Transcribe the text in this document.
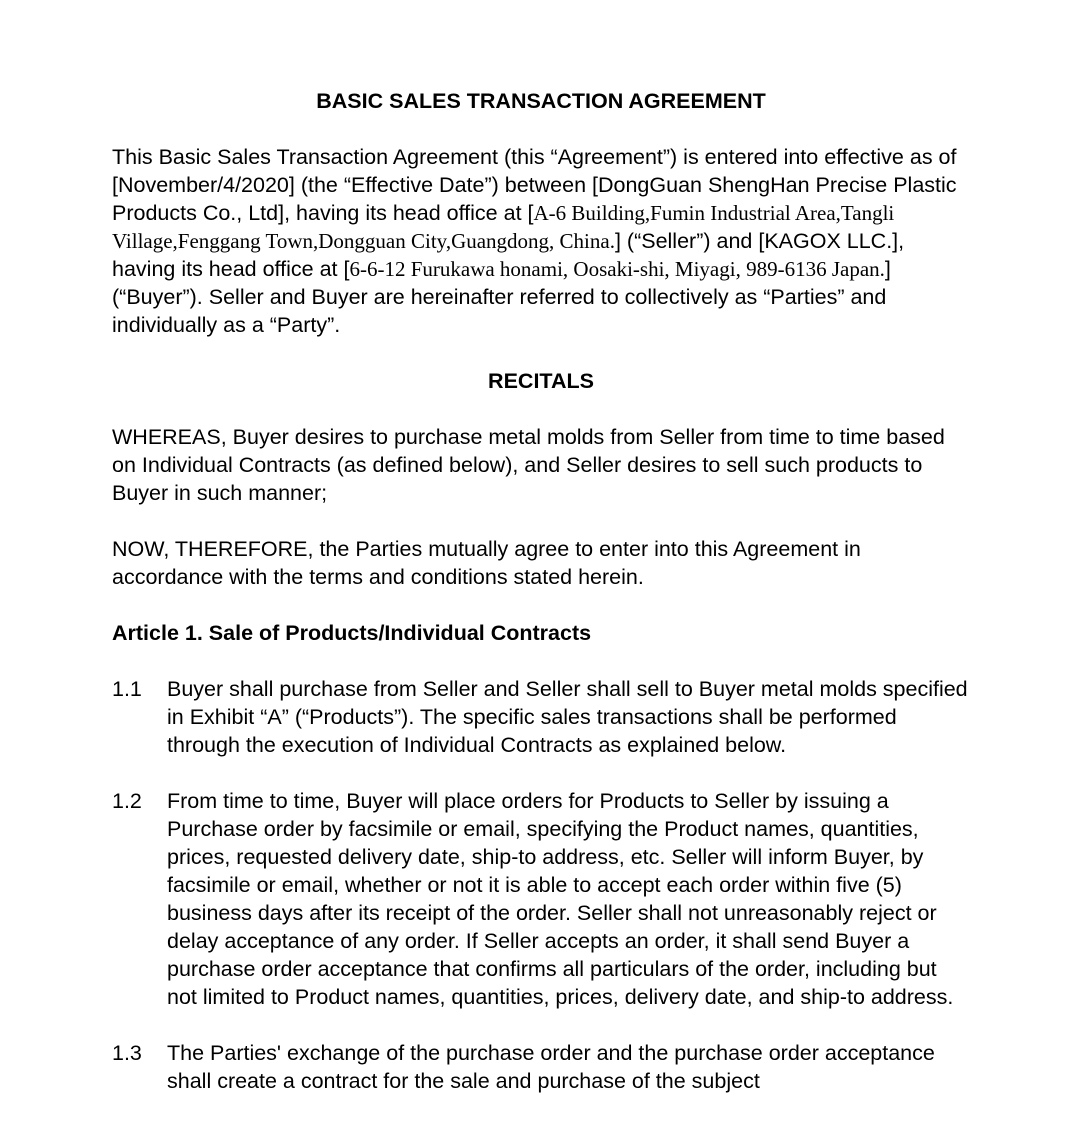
BASIC SALES TRANSACTION AGREEMENT
This Basic Sales Transaction Agreement (this “Agreement”) is entered into effective as of [November/4/2020] (the “Effective Date”) between [DongGuan ShengHan Precise Plastic Products Co., Ltd], having its head office at [A-6 Building,Fumin Industrial Area,Tangli Village,Fenggang Town,Dongguan City,Guangdong, China.] (“Seller”) and [KAGOX LLC.], having its head office at [6-6-12 Furukawa honami, Oosaki-shi, Miyagi, 989-6136 Japan.] (“Buyer”). Seller and Buyer are hereinafter referred to collectively as “Parties” and individually as a “Party”.
RECITALS
WHEREAS, Buyer desires to purchase metal molds from Seller from time to time based on Individual Contracts (as defined below), and Seller desires to sell such products to Buyer in such manner;
NOW, THEREFORE, the Parties mutually agree to enter into this Agreement in accordance with the terms and conditions stated herein.
Article 1. Sale of Products/Individual Contracts
1.1	Buyer shall purchase from Seller and Seller shall sell to Buyer metal molds specified in Exhibit “A” (“Products”). The specific sales transactions shall be performed through the execution of Individual Contracts as explained below.
1.2	From time to time, Buyer will place orders for Products to Seller by issuing a Purchase order by facsimile or email, specifying the Product names, quantities, prices, requested delivery date, ship-to address, etc. Seller will inform Buyer, by facsimile or email, whether or not it is able to accept each order within five (5) business days after its receipt of the order. Seller shall not unreasonably reject or delay acceptance of any order. If Seller accepts an order, it shall send Buyer a purchase order acceptance that confirms all particulars of the order, including but not limited to Product names, quantities, prices, delivery date, and ship-to address.
1.3	The Parties' exchange of the purchase order and the purchase order acceptance shall create a contract for the sale and purchase of the subject
